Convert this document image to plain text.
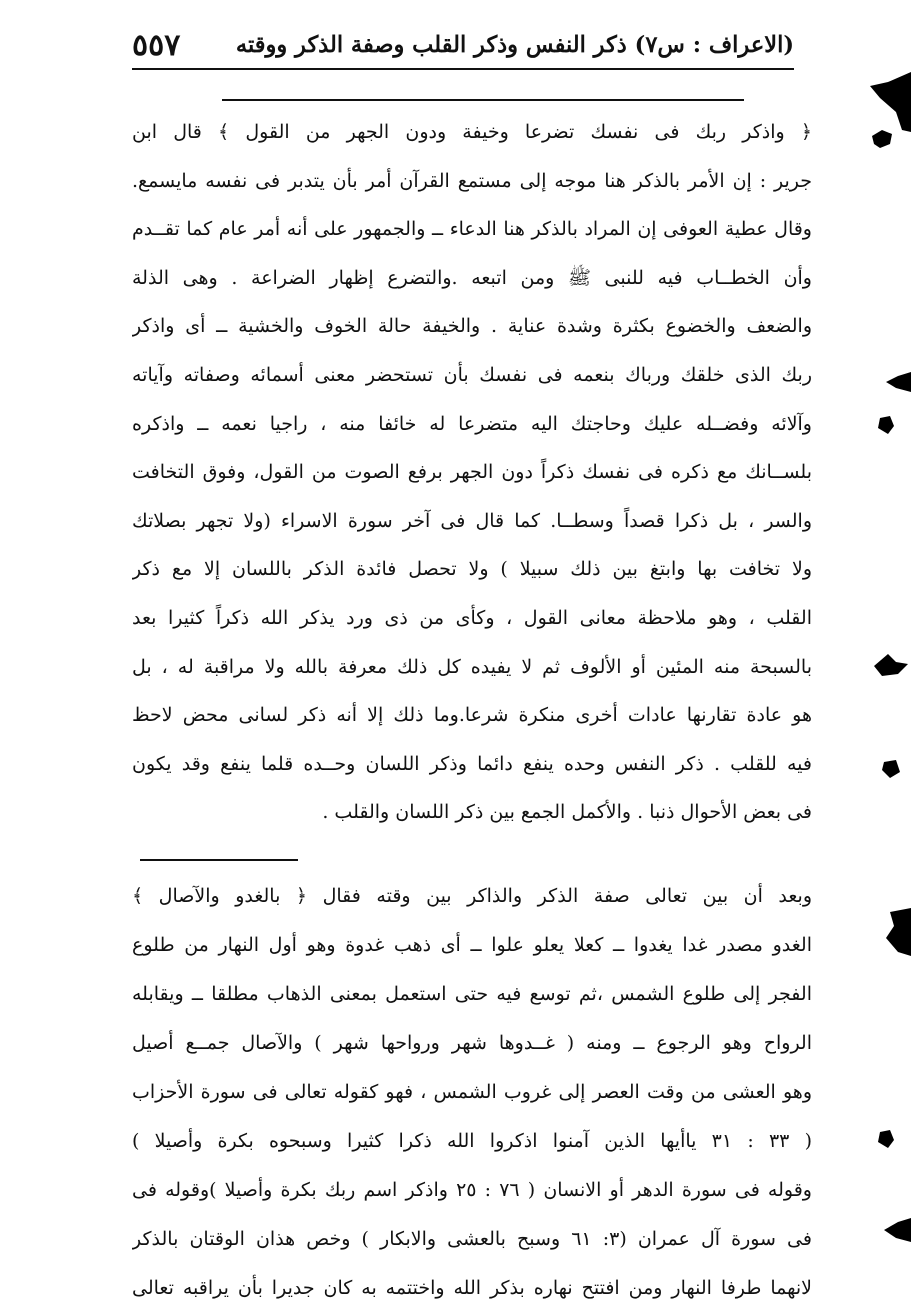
(الاعراف : س٧) ذكر النفس وذكر القلب وصفة الذكر ووقته
٥٥٧
﴿ واذكر ربك فى نفسك تضرعا وخيفة ودون الجهر من القول ﴾ قال ابن
جرير : إن الأمر بالذكر هنا موجه إلى مستمع القرآن أمر بأن يتدبر فى نفسه مايسمع.
وقال عطية العوفى إن المراد بالذكر هنا الدعاء ــ والجمهور على أنه أمر عام كما تقــدم
وأن الخطــاب فيه للنبى ﷺ ومن اتبعه .والتضرع إظهار الضراعة . وهى الذلة
والضعف والخضوع بكثرة وشدة عناية . والخيفة حالة الخوف والخشية ــ أى واذكر
ربك الذى خلقك ورباك بنعمه فى نفسك بأن تستحضر معنى أسمائه وصفاته وآياته
وآلائه وفضــله عليك وحاجتك اليه متضرعا له خائفا منه ، راجيا نعمه ــ واذكره
بلســانك مع ذكره فى نفسك ذكراً دون الجهر برفع الصوت من القول، وفوق التخافت
والسر ، بل ذكرا قصداً وسطــا. كما قال فى آخر سورة الاسراء (ولا تجهر بصلاتك
ولا تخافت بها وابتغ بين ذلك سبيلا ) ولا تحصل فائدة الذكر باللسان إلا مع ذكر
القلب ، وهو ملاحظة معانى القول ، وكأى من ذى ورد يذكر الله ذكراً كثيرا بعد
بالسبحة منه المئين أو الألوف ثم لا يفيده كل ذلك معرفة بالله ولا مراقبة له ، بل
هو عادة تقارنها عادات أخرى منكرة شرعا.وما ذلك إلا أنه ذكر لسانى محض لاحظ
فيه للقلب . ذكر النفس وحده ينفع دائما وذكر اللسان وحــده قلما ينفع وقد يكون
فى بعض الأحوال ذنبا . والأكمل الجمع بين ذكر اللسان والقلب .
وبعد أن بين تعالى صفة الذكر والذاكر بين وقته فقال ﴿ بالغدو والآصال ﴾
الغدو مصدر غدا يغدوا ــ كعلا يعلو علوا ــ أى ذهب غدوة وهو أول النهار من طلوع
الفجر إلى طلوع الشمس ،ثم توسع فيه حتى استعمل بمعنى الذهاب مطلقا ــ ويقابله
الرواح وهو الرجوع ــ ومنه ( غــدوها شهر ورواحها شهر ) والآصال جمــع أصيل
وهو العشى من وقت العصر إلى غروب الشمس ، فهو كقوله تعالى فى سورة الأحزاب
( ٣٣ : ٣١ ياأيها الذين آمنوا اذكروا الله ذكرا كثيرا وسبحوه بكرة وأصيلا )
وقوله فى سورة الدهر أو الانسان ( ٧٦ : ٢٥ واذكر اسم ربك بكرة وأصيلا )وقوله فى
فى سورة آل عمران (٣: ٦١ وسبح بالعشى والابكار ) وخص هذان الوقتان بالذكر
لانهما طرفا النهار ومن افتتح نهاره بذكر الله واختتمه به كان جديرا بأن يراقبه تعالى
